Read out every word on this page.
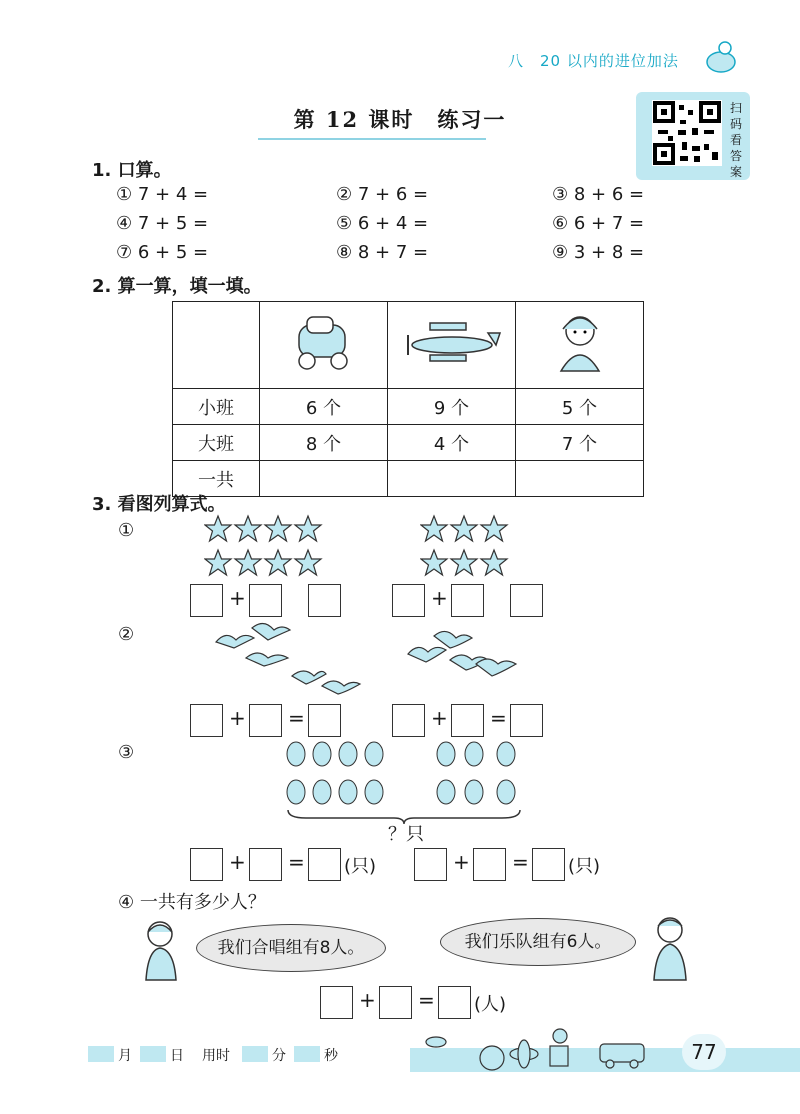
八　20 以内的进位加法
第 12 课时　练习一	扫
码
看
答
案
1. 口算。
① 7 + 4 =	② 7 + 6 =	③ 8 + 6 =
④ 7 + 5 =	⑤ 6 + 4 =	⑥ 6 + 7 =
⑦ 6 + 5 =	⑧ 8 + 7 =	⑨ 3 + 8 =
2. 算一算，填一填。

小班	6 个	9 个	5 个
大班	8 个	4 个	7 个
一共			
3. 看图列算式。
①
+	+
②
+ =	+ =
③
？只
+ = (只)	+ = (只)
④ 一共有多少人？
我们合唱组有8人。	我们乐队组有6人。
+ = (人)
月	日 用时	分	秒	77
